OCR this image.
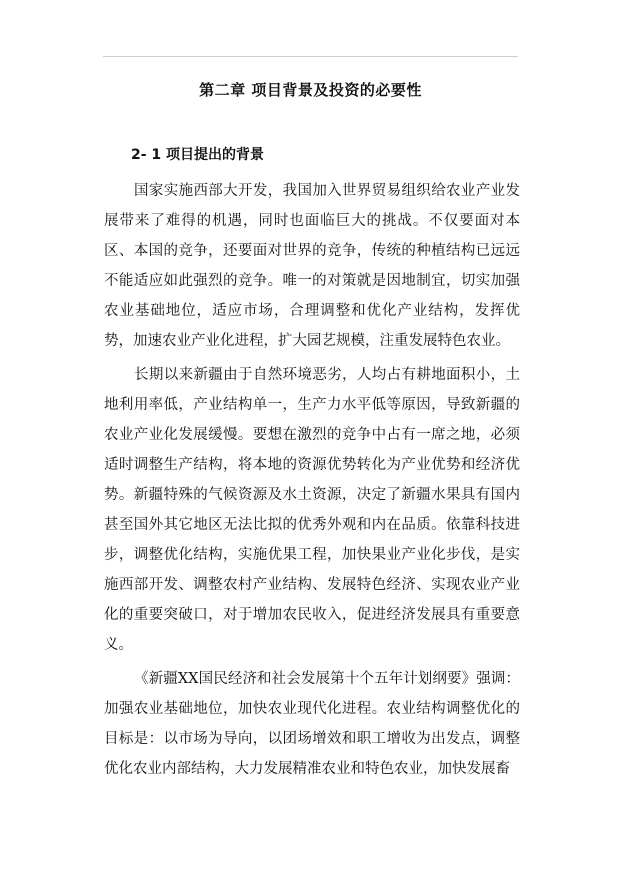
第二章 项目背景及投资的必要性
2- 1 项目提出的背景

国家实施西部大开发，我国加入世界贸易组织给农业产业发展带来了难得的机遇，同时也面临巨大的挑战。不仅要面对本区、本国的竞争，还要面对世界的竞争，传统的种植结构已远远不能适应如此强烈的竞争。唯一的对策就是因地制宜，切实加强农业基础地位，适应市场，合理调整和优化产业结构，发挥优势，加速农业产业化进程，扩大园艺规模，注重发展特色农业。

长期以来新疆由于自然环境恶劣，人均占有耕地面积小，土地利用率低，产业结构单一，生产力水平低等原因，导致新疆的农业产业化发展缓慢。要想在激烈的竞争中占有一席之地，必须适时调整生产结构，将本地的资源优势转化为产业优势和经济优势。新疆特殊的气候资源及水土资源，决定了新疆水果具有国内甚至国外其它地区无法比拟的优秀外观和内在品质。依靠科技进步，调整优化结构，实施优果工程，加快果业产业化步伐，是实施西部开发、调整农村产业结构、发展特色经济、实现农业产业化的重要突破口，对于增加农民收入，促进经济发展具有重要意义。

《新疆XX国民经济和社会发展第十个五年计划纲要》强调：加强农业基础地位，加快农业现代化进程。农业结构调整优化的目标是：以市场为导向，以团场增效和职工增收为出发点，调整优化农业内部结构，大力发展精准农业和特色农业，加快发展畜
